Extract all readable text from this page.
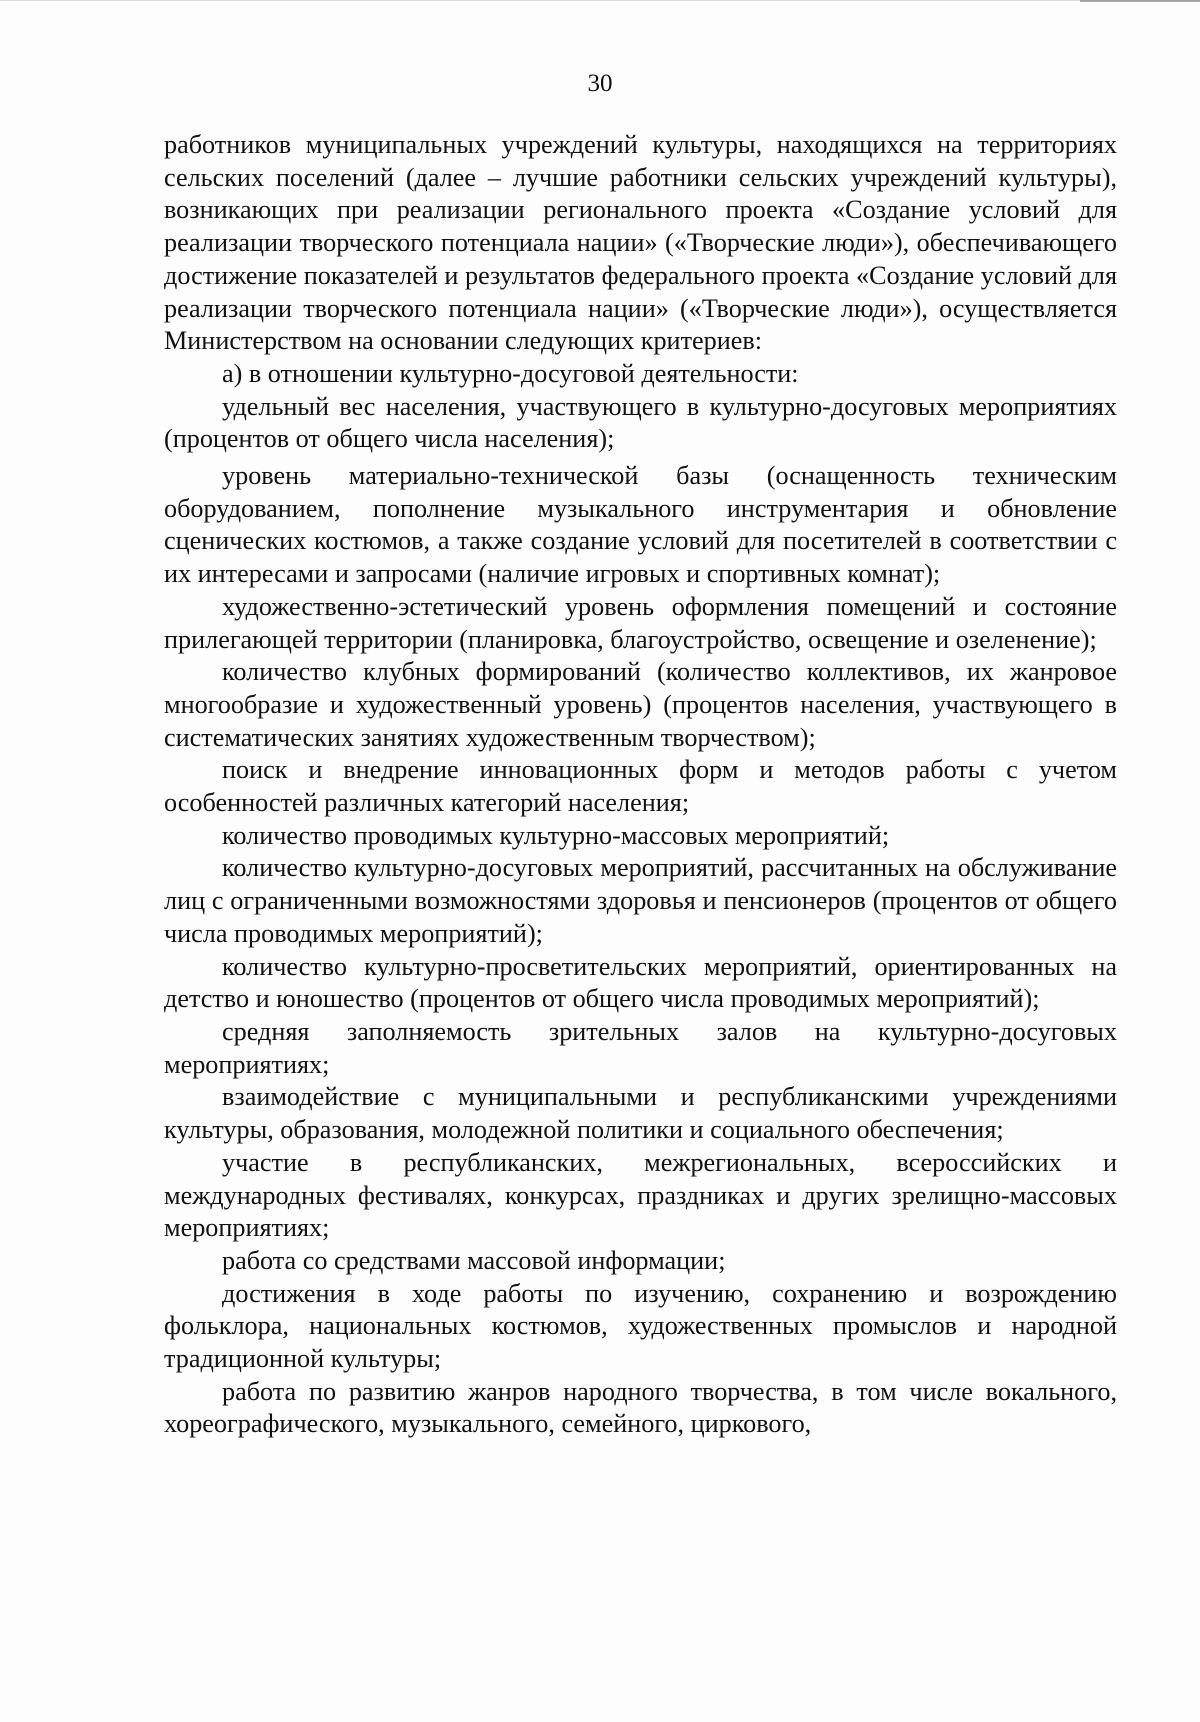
30

работников муниципальных учреждений культуры, находящихся на территориях сельских поселений (далее – лучшие работники сельских учреждений культуры), возникающих при реализации регионального проекта «Создание условий для реализации творческого потенциала нации» («Творческие люди»), обеспечивающего достижение показателей и результатов федерального проекта «Создание условий для реализации творческого потенциала нации» («Творческие люди»), осуществляется Министерством на основании следующих критериев:

а) в отношении культурно-досуговой деятельности:

удельный вес населения, участвующего в культурно-досуговых мероприятиях (процентов от общего числа населения);

уровень материально-технической базы (оснащенность техническим оборудованием, пополнение музыкального инструментария и обновление сценических костюмов, а также создание условий для посетителей в соответствии с их интересами и запросами (наличие игровых и спортивных комнат);

художественно-эстетический уровень оформления помещений и состояние прилегающей территории (планировка, благоустройство, освещение и озеленение);

количество клубных формирований (количество коллективов, их жанровое многообразие и художественный уровень) (процентов населения, участвующего в систематических занятиях художественным творчеством);

поиск и внедрение инновационных форм и методов работы с учетом особенностей различных категорий населения;

количество проводимых культурно-массовых мероприятий;

количество культурно-досуговых мероприятий, рассчитанных на обслуживание лиц с ограниченными возможностями здоровья и пенсионеров (процентов от общего числа проводимых мероприятий);

количество культурно-просветительских мероприятий, ориентированных на детство и юношество (процентов от общего числа проводимых мероприятий);

средняя заполняемость зрительных залов на культурно-досуговых мероприятиях;

взаимодействие с муниципальными и республиканскими учреждениями культуры, образования, молодежной политики и социального обеспечения;

участие в республиканских, межрегиональных, всероссийских и международных фестивалях, конкурсах, праздниках и других зрелищно-массовых мероприятиях;

работа со средствами массовой информации;

достижения в ходе работы по изучению, сохранению и возрождению фольклора, национальных костюмов, художественных промыслов и народной традиционной культуры;

работа по развитию жанров народного творчества, в том числе вокального, хореографического, музыкального, семейного, циркового,
